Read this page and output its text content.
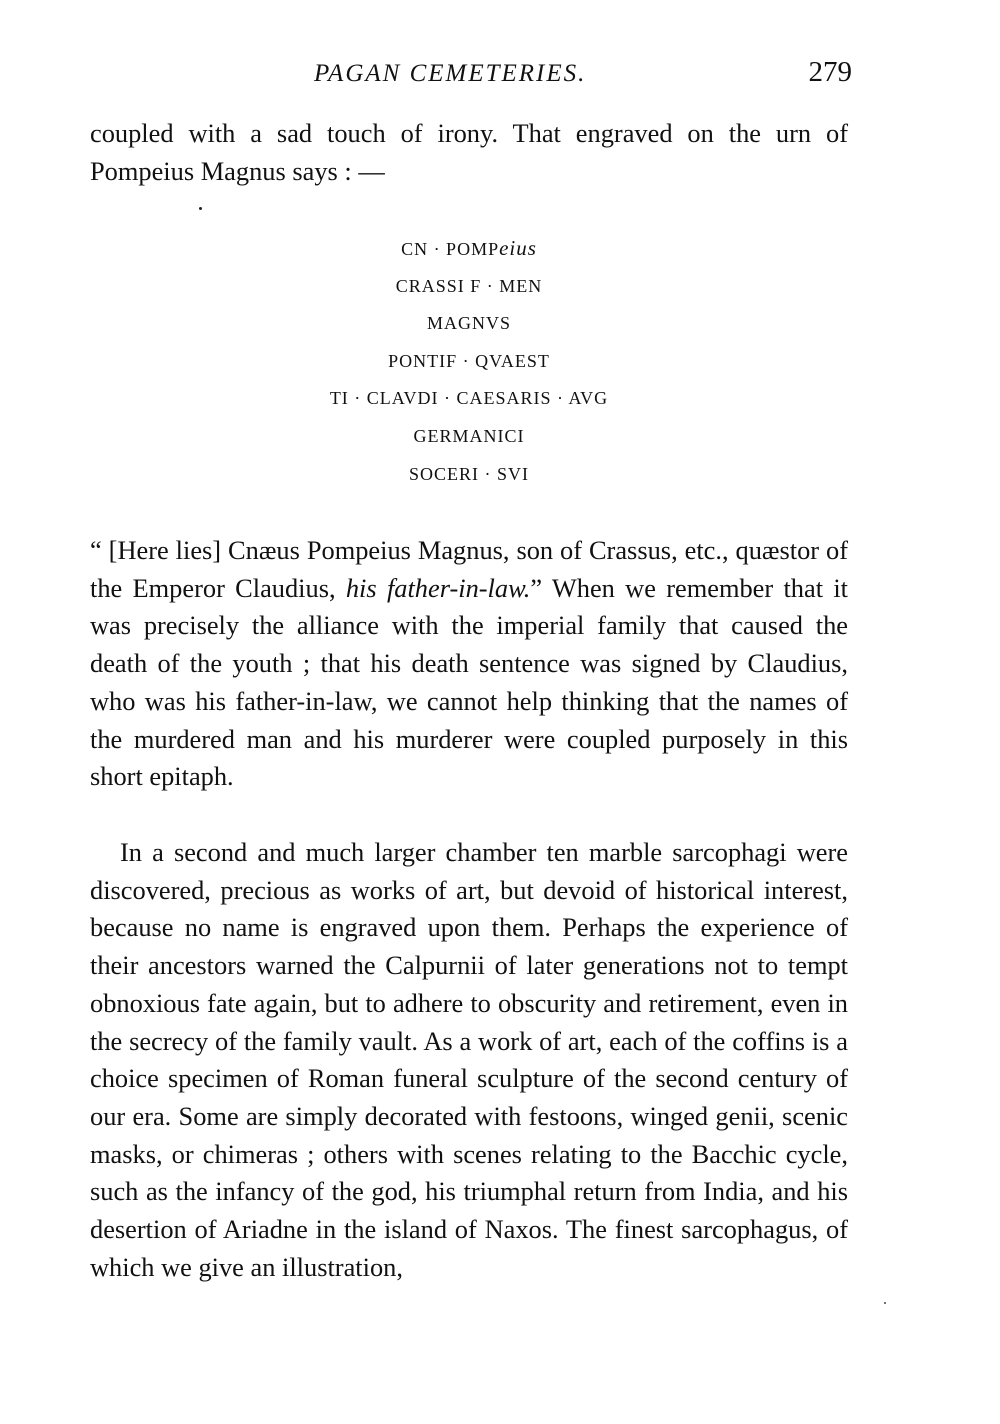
PAGAN CEMETERIES.	279
coupled with a sad touch of irony. That engraved on the urn of Pompeius Magnus says : —
CN · POMPeius
CRASSI F · MEN
MAGNVS
PONTIF · QVAEST
TI · CLAVDI · CAESARIS · AVG
GERMANICI
SOCERI · SVI
“ [Here lies] Cnæus Pompeius Magnus, son of Crassus, etc., quæstor of the Emperor Claudius, his father-in-law.” When we remember that it was precisely the alliance with the imperial family that caused the death of the youth ; that his death sentence was signed by Claudius, who was his father-in-law, we cannot help thinking that the names of the murdered man and his murderer were coupled purposely in this short epitaph.
In a second and much larger chamber ten marble sarcophagi were discovered, precious as works of art, but devoid of historical interest, because no name is engraved upon them. Perhaps the experience of their ancestors warned the Calpurnii of later generations not to tempt obnoxious fate again, but to adhere to obscurity and retirement, even in the secrecy of the family vault. As a work of art, each of the coffins is a choice specimen of Roman funeral sculpture of the second century of our era. Some are simply decorated with festoons, winged genii, scenic masks, or chimeras ; others with scenes relating to the Bacchic cycle, such as the infancy of the god, his triumphal return from India, and his desertion of Ariadne in the island of Naxos. The finest sarcophagus, of which we give an illustration,
